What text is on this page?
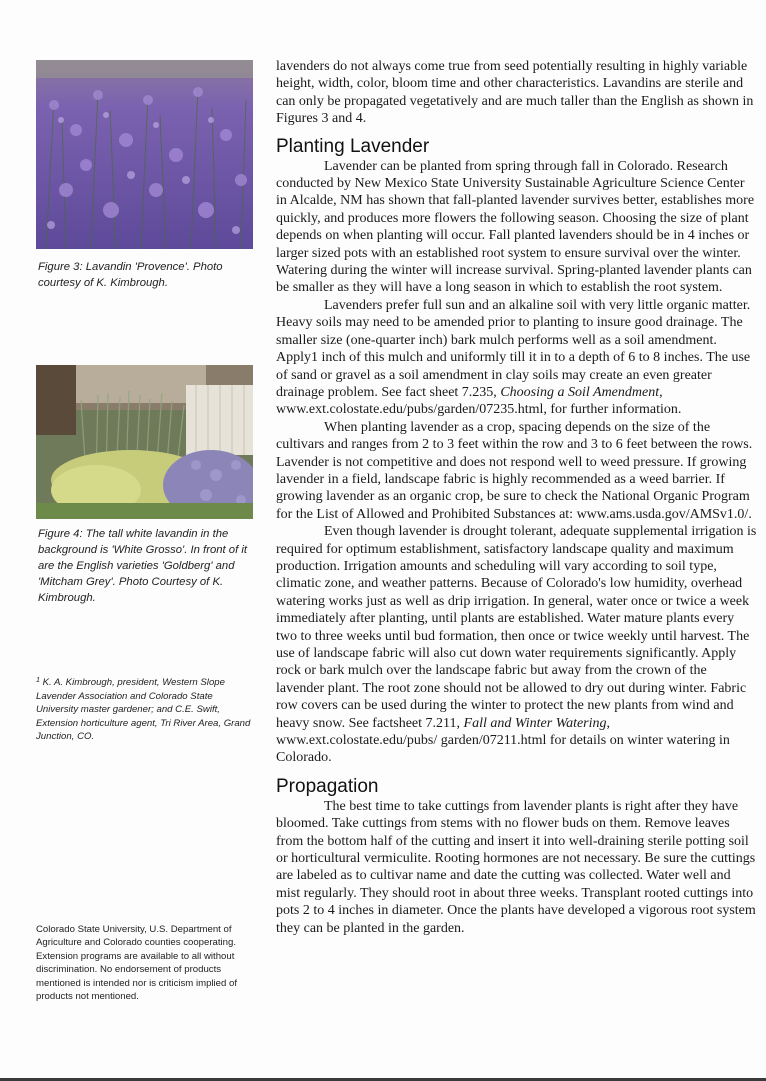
Figure 3: Lavandin 'Provence'. Photo courtesy of K. Kimbrough.
Figure 4: The tall white lavandin in the background is 'White Grosso'. In front of it are the English varieties 'Goldberg' and 'Mitcham Grey'. Photo Courtesy of K. Kimbrough.
$^1$ K. A. Kimbrough, president, Western Slope Lavender Association and Colorado State University master gardener; and C.E. Swift, Extension horticulture agent, Tri River Area, Grand Junction, CO.
Colorado State University, U.S. Department of Agriculture and Colorado counties cooperating. Extension programs are available to all without discrimination. No endorsement of products mentioned is intended nor is criticism implied of products not mentioned.

lavenders do not always come true from seed potentially resulting in highly variable height, width, color, bloom time and other characteristics. Lavandins are sterile and can only be propagated vegetatively and are much taller than the English as shown in Figures 3 and 4.

Planting Lavender

Lavender can be planted from spring through fall in Colorado. Research conducted by New Mexico State University Sustainable Agriculture Science Center in Alcalde, NM has shown that fall-planted lavender survives better, establishes more quickly, and produces more flowers the following season. Choosing the size of plant depends on when planting will occur. Fall planted lavenders should be in 4 inches or larger sized pots with an established root system to ensure survival over the winter. Watering during the winter will increase survival. Spring-planted lavender plants can be smaller as they will have a long season in which to establish the root system.

Lavenders prefer full sun and an alkaline soil with very little organic matter. Heavy soils may need to be amended prior to planting to insure good drainage. The smaller size (one-quarter inch) bark mulch performs well as a soil amendment. Apply1 inch of this mulch and uniformly till it in to a depth of 6 to 8 inches. The use of sand or gravel as a soil amendment in clay soils may create an even greater drainage problem. See fact sheet 7.235, Choosing a Soil Amendment, www.ext.colostate.edu/pubs/garden/07235.html, for further information.

When planting lavender as a crop, spacing depends on the size of the cultivars and ranges from 2 to 3 feet within the row and 3 to 6 feet between the rows. Lavender is not competitive and does not respond well to weed pressure. If growing lavender in a field, landscape fabric is highly recommended as a weed barrier. If growing lavender as an organic crop, be sure to check the National Organic Program for the List of Allowed and Prohibited Substances at: www.ams.usda.gov/AMSv1.0/.

Even though lavender is drought tolerant, adequate supplemental irrigation is required for optimum establishment, satisfactory landscape quality and maximum production. Irrigation amounts and scheduling will vary according to soil type, climatic zone, and weather patterns. Because of Colorado's low humidity, overhead watering works just as well as drip irrigation. In general, water once or twice a week immediately after planting, until plants are established. Water mature plants every two to three weeks until bud formation, then once or twice weekly until harvest. The use of landscape fabric will also cut down water requirements significantly. Apply rock or bark mulch over the landscape fabric but away from the crown of the lavender plant. The root zone should not be allowed to dry out during winter. Fabric row covers can be used during the winter to protect the new plants from wind and heavy snow. See factsheet 7.211, Fall and Winter Watering, www.ext.colostate.edu/pubs/ garden/07211.html for details on winter watering in Colorado.

Propagation

The best time to take cuttings from lavender plants is right after they have bloomed. Take cuttings from stems with no flower buds on them. Remove leaves from the bottom half of the cutting and insert it into well-draining sterile potting soil or horticultural vermiculite. Rooting hormones are not necessary. Be sure the cuttings are labeled as to cultivar name and date the cutting was collected. Water well and mist regularly. They should root in about three weeks. Transplant rooted cuttings into pots 2 to 4 inches in diameter. Once the plants have developed a vigorous root system they can be planted in the garden.
